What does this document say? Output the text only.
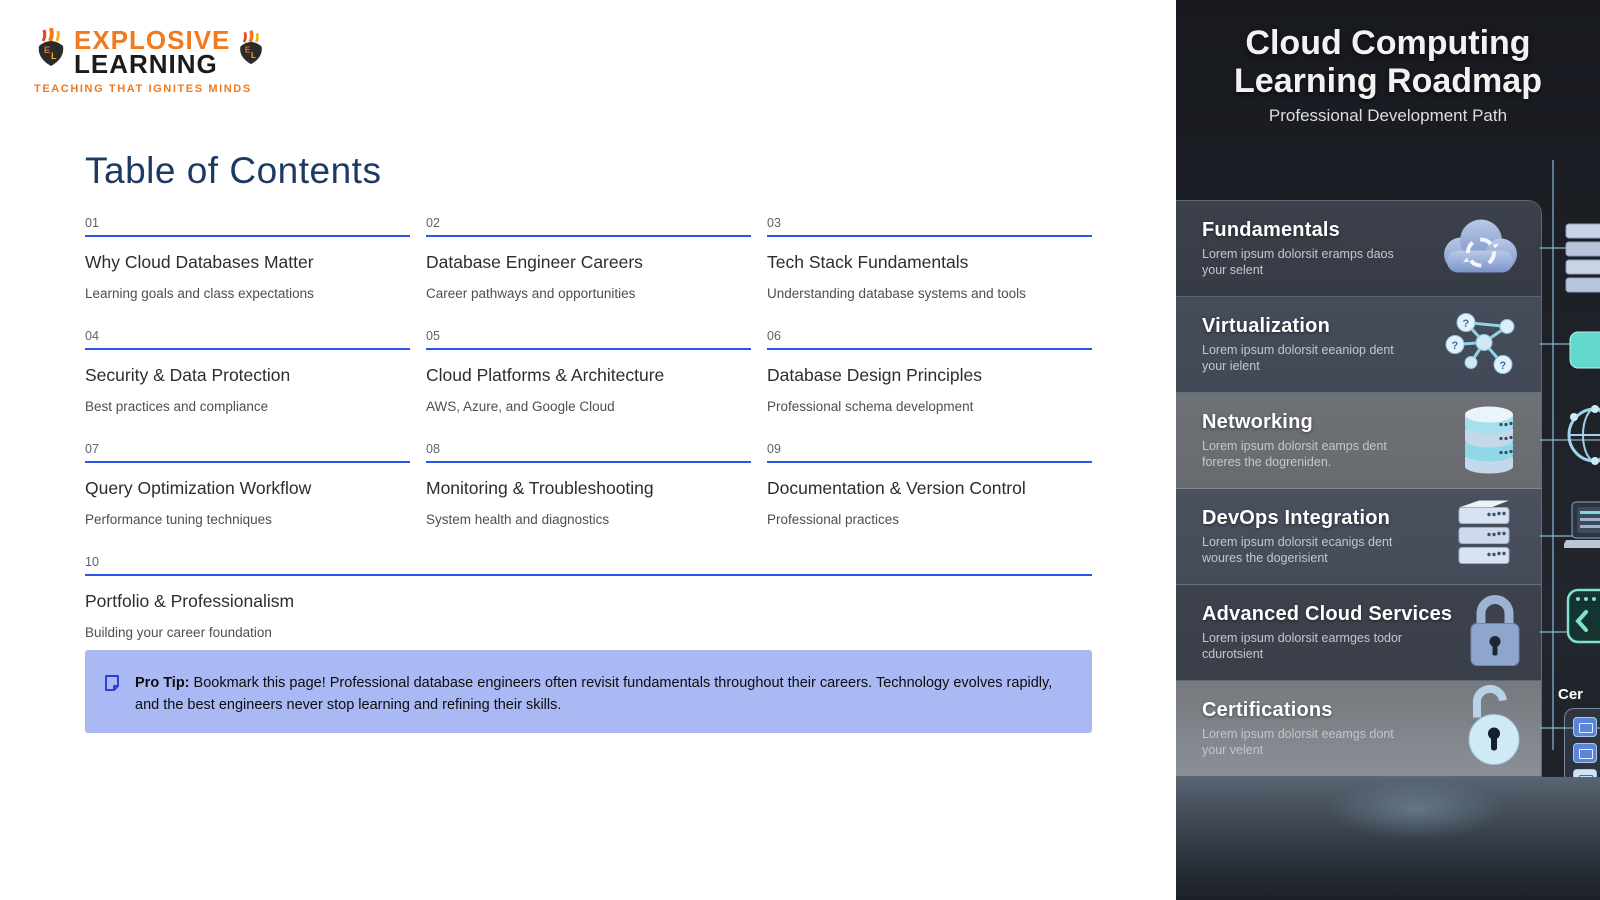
E
L
EXPLOSIVE
LEARNING	E
L
TEACHING THAT IGNITES MINDS
Table of Contents
01
Why Cloud Databases Matter
Learning goals and class expectations
02
Database Engineer Careers
Career pathways and opportunities
03
Tech Stack Fundamentals
Understanding database systems and tools
04
Security & Data Protection
Best practices and compliance
05
Cloud Platforms & Architecture
AWS, Azure, and Google Cloud
06
Database Design Principles
Professional schema development
07
Query Optimization Workflow
Performance tuning techniques
08
Monitoring & Troubleshooting
System health and diagnostics
09
Documentation & Version Control
Professional practices
10
Portfolio & Professionalism
Building your career foundation
Pro Tip: Bookmark this page! Professional database engineers often revisit fundamentals throughout their careers. Technology evolves rapidly, and the best engineers never stop learning and refining their skills.
Cloud Computing
Learning Roadmap
Professional Development Path
Fundamentals
Lorem ipsum dolorsit eramps daos your selent
Virtualization
Lorem ipsum dolorsit eeaniop dent your ielent
?
?
?
Networking
Lorem ipsum dolorsit eamps dent foreres the dogreniden.
DevOps Integration
Lorem ipsum dolorsit ecanigs dent woures the dogerisient
Advanced Cloud Services
Lorem ipsum dolorsit earmges todor cdurotsient
Certifications
Lorem ipsum dolorsit eeamgs dont your velent
Cer
